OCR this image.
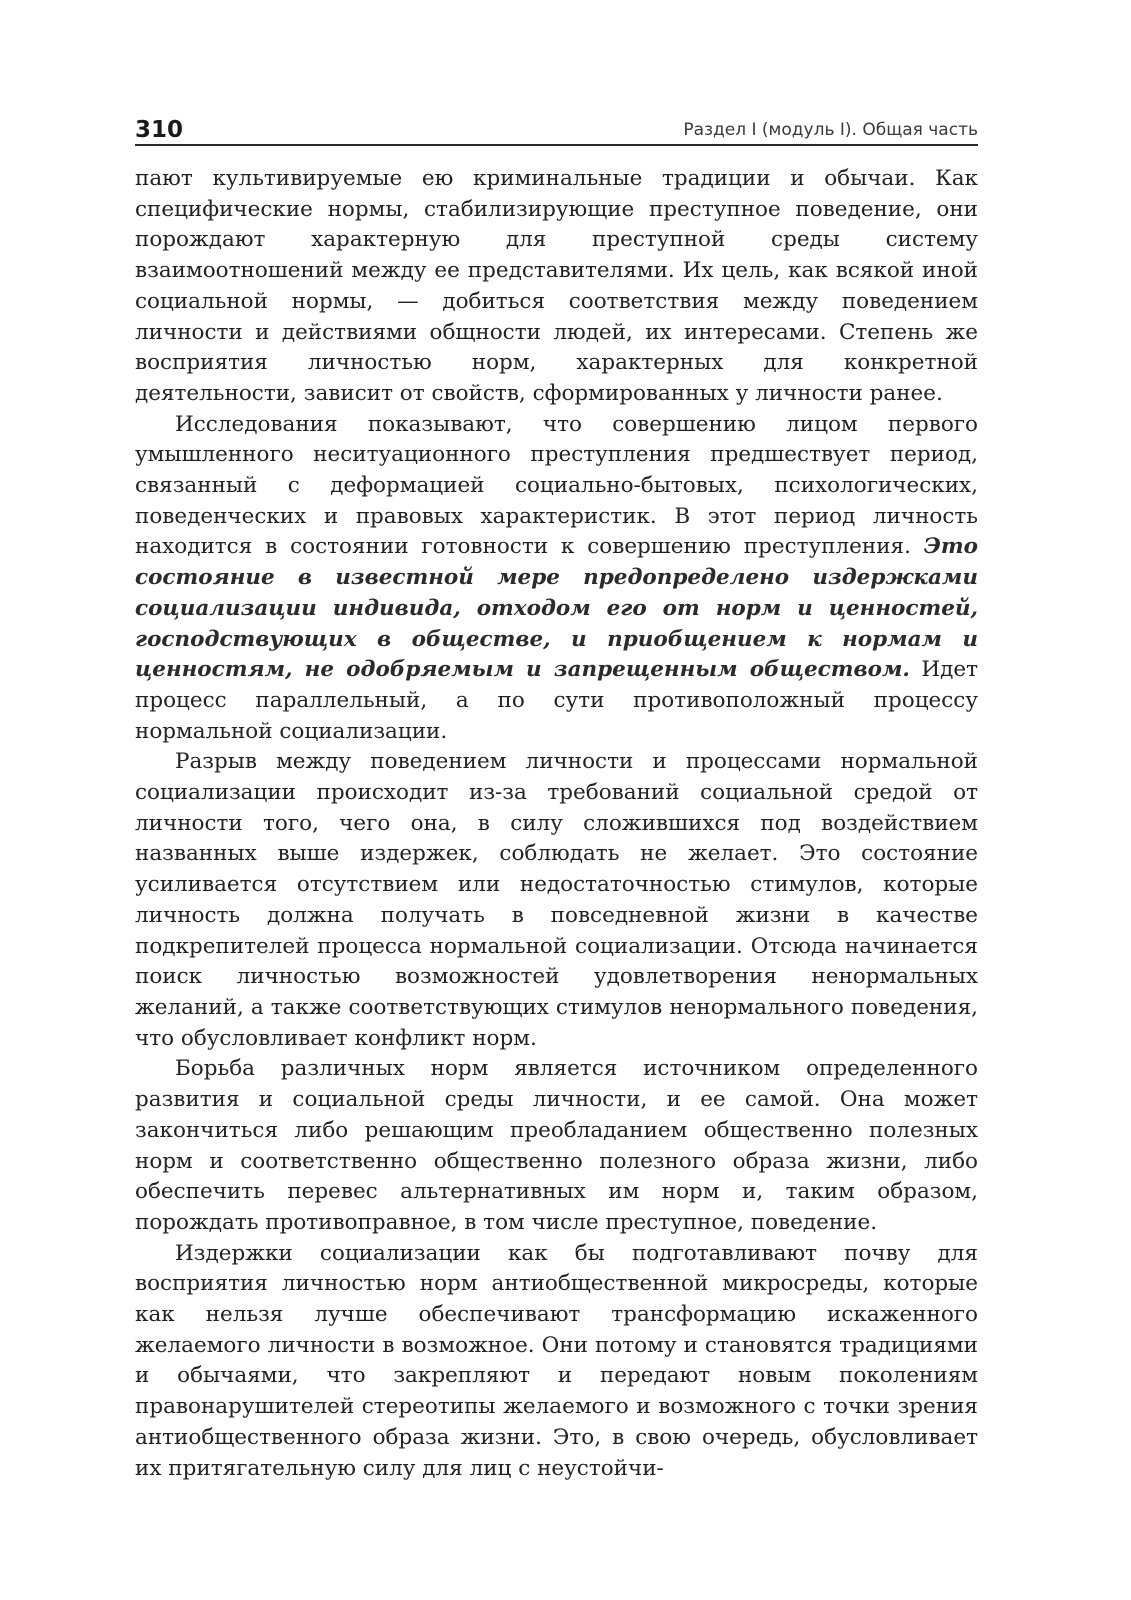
310	Раздел I (модуль I). Общая часть

пают культивируемые ею криминальные традиции и обычаи. Как специфические нормы, стабилизирующие преступное поведение, они порождают характерную для преступной среды систему взаимоотношений между ее представителями. Их цель, как всякой иной социальной нормы, — добиться соответствия между поведением личности и действиями общности людей, их интересами. Степень же восприятия личностью норм, характерных для конкретной деятельности, зависит от свойств, сформированных у личности ранее.

Исследования показывают, что совершению лицом первого умышленного неситуационного преступления предшествует период, связанный с деформацией социально-бытовых, психологических, поведенческих и правовых характеристик. В этот период личность находится в состоянии готовности к совершению преступления. Это состояние в известной мере предопределено издержками социализации индивида, отходом его от норм и ценностей, господствующих в обществе, и приобщением к нормам и ценностям, не одобряемым и запрещенным обществом. Идет процесс параллельный, а по сути противоположный процессу нормальной социализации.

Разрыв между поведением личности и процессами нормальной социализации происходит из-за требований социальной средой от личности того, чего она, в силу сложившихся под воздействием названных выше издержек, соблюдать не желает. Это состояние усиливается отсутствием или недостаточностью стимулов, которые личность должна получать в повседневной жизни в качестве подкрепителей процесса нормальной социализации. Отсюда начинается поиск личностью возможностей удовлетворения ненормальных желаний, а также соответствующих стимулов ненормального поведения, что обусловливает конфликт норм.

Борьба различных норм является источником определенного развития и социальной среды личности, и ее самой. Она может закончиться либо решающим преобладанием общественно полезных норм и соответственно общественно полезного образа жизни, либо обеспечить перевес альтернативных им норм и, таким образом, порождать противоправное, в том числе преступное, поведение.

Издержки социализации как бы подготавливают почву для восприятия личностью норм антиобщественной микросреды, которые как нельзя лучше обеспечивают трансформацию искаженного желаемого личности в возможное. Они потому и становятся традициями и обычаями, что закрепляют и передают новым поколениям правонарушителей стереотипы желаемого и возможного с точки зрения антиобщественного образа жизни. Это, в свою очередь, обусловливает их притягательную силу для лиц с неустойчи-
